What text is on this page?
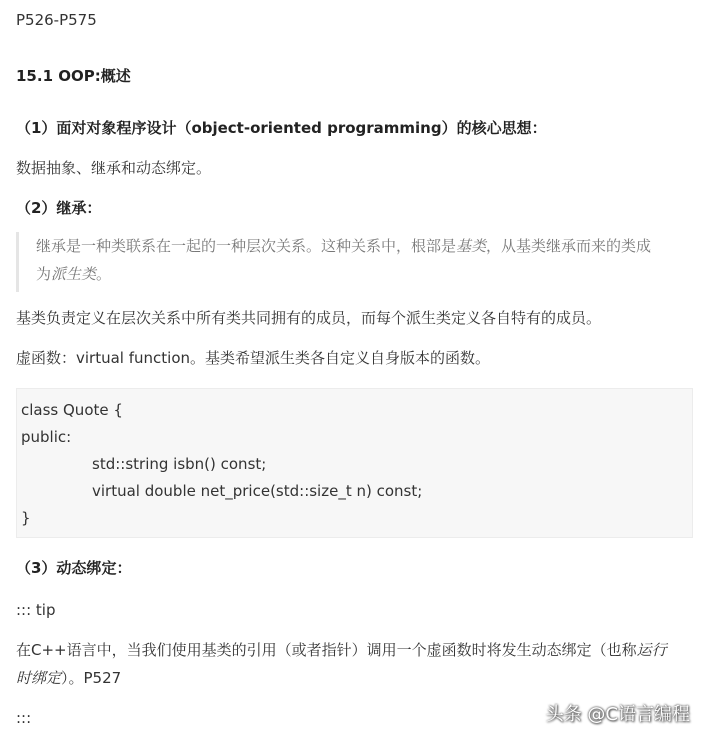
P526-P575
15.1 OOP:概述
（1）面对对象程序设计（object-oriented programming）的核心思想：
数据抽象、继承和动态绑定。
（2）继承：
继承是一种类联系在一起的一种层次关系。这种关系中，根部是基类，从基类继承而来的类成
为派生类。
基类负责定义在层次关系中所有类共同拥有的成员，而每个派生类定义各自特有的成员。
虚函数：virtual function。基类希望派生类各自定义自身版本的函数。
class Quote {
public:
std::string isbn() const;
virtual double net_price(std::size_t n) const;
}
（3）动态绑定：
::: tip
在C++语言中，当我们使用基类的引用（或者指针）调用一个虚函数时将发生动态绑定（也称运行
时绑定）。P527
:::	头条 @C语言编程
